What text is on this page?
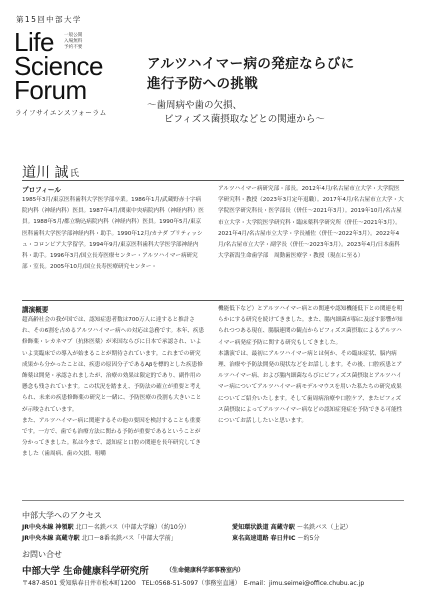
第15回中部大学
Life
Science
Forum
一般公開
入場無料
予約不要
ライフサイエンスフォーラム
アルツハイマー病の発症ならびに
進行予防への挑戦
～歯周病や歯の欠損、
ビフィズス菌摂取などとの関連から～
道川 誠 氏
プロフィール
1985年3月/東京医科歯科大学医学部卒業。1986年1月/武蔵野赤十字病院内科（神経内科）医員。1987年4月/関東中央病院内科（神経内科）医員。1988年5月/都立駒込病院内科（神経内科）医員。1990年5月/東京医科歯科大学医学部神経内科・助手。1990年12月/カナダ ブリティッシュ・コロンビア大学留学。1994年9月/東京医科歯科大学医学部神経内科・助手。1996年3月/国立長寿医療センター・アルツハイマー病研究部・室長。2005年10月/国立長寿医療研究センター・
アルツハイマー病研究部・部長。2012年4月/名古屋市立大学・大学院医学研究科・教授（2023年3月定年退職）。2017年4月/名古屋市立大学・大学院医学研究科長・医学部長（併任～2021年3月）。2019年10月/名古屋市立大学・大学院医学研究科・臨床薬科学研究所（併任～2021年3月）。2021年4月/名古屋市立大学・学長補佐（併任～2022年3月）。2022年4月/名古屋市立大学・副学長（併任～2023年3月）。2023年4月/日本歯科大学新潟生命歯学部　周動歯医療学・教授（現在に至る）
講演概要
超高齢社会の我が国では、認知症患者数は700万人に達すると推計され、その6割を占めるアルツハイマー病への対応は急務です。本年、疾患修飾薬・レカネマブ（抗体医薬）が米国ならびに日本で承認され、いよいよ実臨床での導入が始まることが期待されています。これまでの研究成果から分かったことは、疾患の原因分子であるAβを標的とした疾患修飾薬は開発・承認されましたが、治療の効果は限定的であり、副作用の懸念も残されています。この状況を踏まえ、予防法の確立が重要と考えられ、未来の疾患修飾薬の研究と一緒に、予防医療の役割も大きいことが示唆されています。
また、アルツハイマー病に関連するその他の要因を検討することも重要です。一方で、歯でも治療方法に関わる予防が重要であるということが分かってきました。私は今まで、認知症と口腔の関連を長年研究してきました（歯周病、歯の欠損、咀嚼
機能低下など）とアルツハイマー病との関連や認知機能低下との関連を明らかにする研究を続けてきました。また、腸内細菌が脳に及ぼす影響が知られつつある現在、腸脳連関の観点からビフィズス菌摂取によるアルツハイマー病発症予防に関する研究もしてきました。
本講演では、最初にアルツハイマー病とは何か、その臨床症状、脳内病理、治療や予防法開発の現状などをお話しします。その後、口腔疾患とアルツハイマー病、および腸内細菌ならびにビフィズス菌摂取とアルツハイマー病についてアルツハイマー病モデルマウスを用いた私たちの研究成果についてご紹介いたします。そして歯周病治療や口腔ケア、またビフィズス菌摂取によってアルツハイマー病などの認知症発症を予防できる可能性についてお話ししたいと思います。
中部大学へのアクセス
JR中央本線 神領駅 北口～名鉄バス（中部大学線）（約10分）
JR中央本線 高蔵寺駅 北口～8番名鉄バス「中部大学前」
愛知環状鉄道 高蔵寺駅 ～名鉄バス（上記）
東名高速道路 春日井IC ～約5分
お問い合せ
中部大学 生命健康科学研究所	（生命健康科学部事務室内）
〒487-8501 愛知県春日井市松本町1200　TEL:0568-51-5097（事務室直通）　E-mail：jimu.seimei@office.chubu.ac.jp
